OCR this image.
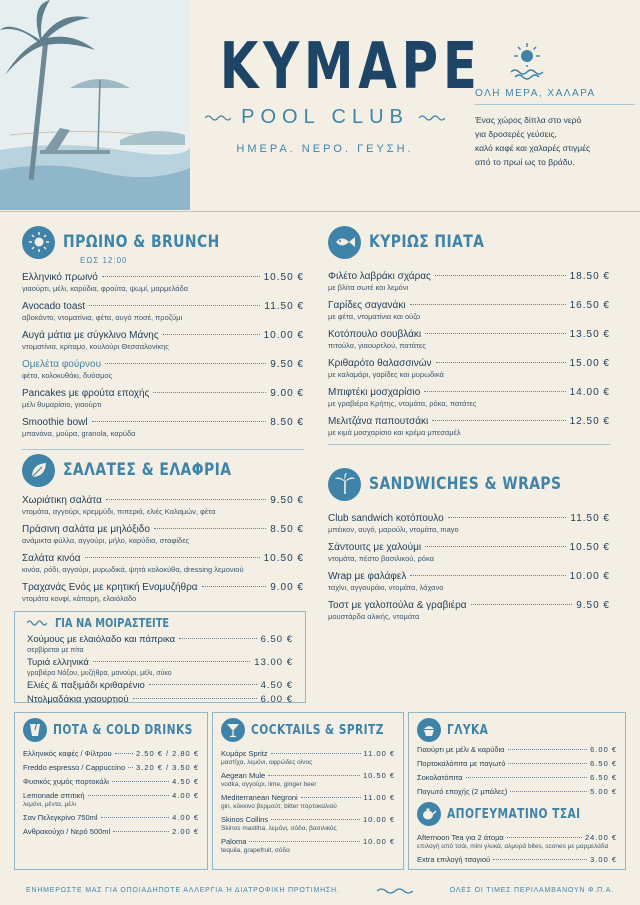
KYMAPE
POOL CLUB
ΗΜΕΡΑ. ΝΕΡΟ. ΓΕΥΣΗ.
ΟΛΗ ΜΕΡΑ, ΧΑΛΑΡΑ
Ένας χώρος δίπλα στο νερό
για δροσερές γεύσεις,
καλό καφέ και χαλαρές στιγμές
από το πρωί ως το βράδυ.
ΠΡΩΙΝΟ & BRUNCH
ΕΩΣ 12:00
Ελληνικό πρωινό	10.50 €
γιαούρτι, μέλι, καρύδια, φρούτα, ψωμί, μαρμελάδα
Avocado toast	11.50 €
αβοκάντο, ντοματίνια, φέτα, αυγό ποσέ, προζύμι
Αυγά μάτια με σύγκλινο Μάνης	10.00 €
ντοματίνια, κρίταμο, κουλούρι Θεσσαλονίκης
Ομελέτα φούρνου	9.50 €
φέτα, κολοκυθάκι, δυόσμος
Pancakes με φρούτα εποχής	9.00 €
μέλι θυμαρίσιο, γιαούρτι
Smoothie bowl	8.50 €
μπανάνα, μούρα, granola, καρύδα
ΣΑΛΑΤΕΣ & ΕΛΑΦΡΙΑ
Χωριάτικη σαλάτα	9.50 €
ντομάτα, αγγούρι, κρεμμύδι, πιπεριά, ελιές Καλαμών, φέτα
Πράσινη σαλάτα με μηλόξιδο	8.50 €
ανάμικτα φύλλα, αγγούρι, μήλο, καρύδια, σταφίδες
Σαλάτα κινόα	10.50 €
κινόα, ρόδι, αγγούρι, μυρωδικά, ψητά κολοκύθα, dressing λεμονιού
Τραχανάς Ενός με κρητική Ενομυζήθρα	9.00 €
ντομάτα κονφί, κάπαρη, ελαιόλαδο
ΓΙΑ ΝΑ ΜΟΙΡΑΣΤΕΙΤΕ
Χούμους με ελαιόλαδο και πάπρικα	6.50 €
σερβίρεται με πίτα
Τυριά ελληνικά	13.00 €
γραβιέρα Νάξου, μυζήθρα, μανούρι, μέλι, σύκο
Ελιές & παξιμάδι κριθαρένιο	4.50 €
Ντολμαδάκια γιαουρτιού	6.00 €
ΚΥΡΙΩΣ ΠΙΑΤΑ
Φιλέτο λαβράκι σχάρας	18.50 €
με βλίτα σωτέ και λεμόνι
Γαρίδες σαγανάκι	16.50 €
με φέτα, ντοματίνια και ούζο
Κοτόπουλο σουβλάκι	13.50 €
πιτούλα, γιαουρτλού, πατάτες
Κριθαρότο θαλασσινών	15.00 €
με καλαμάρι, γαρίδες και μυρωδικά
Μπιφτέκι μοσχαρίσιο	14.00 €
με γραβιέρα Κρήτης, ντομάτα, ρόκα, πατάτες
Μελιτζάνα παπουτσάκι	12.50 €
με κιμά μοσχαρίσιο και κρέμα μπεσαμέλ
SANDWICHES & WRAPS
Club sandwich κοτόπουλο	11.50 €
μπέικον, αυγό, μαρούλι, ντομάτα, mayo
Σάντουιτς με χαλούμι	10.50 €
ντομάτα, πέστο βασιλικού, ρόκα
Wrap με φαλάφελ	10.00 €
ταχίνι, αγγουράκι, ντομάτα, λάχανο
Τοστ με γαλοπούλα & γραβιέρα	9.50 €
μουστάρδα αλικής, ντομάτα
ΠΟΤΑ & COLD DRINKS
Ελληνικός καφές / Φίλτρου	2.50 € / 2.80 €
Freddo espresso / Cappuccino 3.20 € / 3.50 €
Φυσικός χυμός πορτοκάλι	4.50 €
Lemonade σπιτική	4.00 €
λεμόνι, μέντα, μέλι
Σαν Πελεγκρίνο 750ml	4.00 €
Ανθρακούχο / Νερό 500ml	2.00 €
COCKTAILS & SPRITZ
Κυμάρε Spritz	11.00 €
μαστίχα, λεμόνι, αφρώδες οίνος
Aegean Mule	10.50 €
vodka, αγγούρι, lime, ginger beer
Mediterranean Negroni	11.00 €
gin, κόκκινο βερμούτ, bitter πορτοκαλιού
Skinos Collins	10.00 €
Skinos mastiha, λεμόνι, σόδα, βασιλικός
Paloma	10.00 €
tequila, grapefruit, σόδα
ΓΛΥΚΑ
Γιαούρτι με μέλι & καρύδια	6.00 €
Πορτοκαλόπιτα με παγωτό	6.50 €
Σοκολατόπιτα	6.50 €
Παγωτό εποχής (2 μπάλες)	5.00 €
ΑΠΟΓΕΥΜΑΤΙΝΟ ΤΣΑΙ
Afternoon Tea για 2 άτομα	24.00 €
επιλογή από τσάι, mini γλυκά, αλμυρά bites, scones με μαρμελάδα
Extra επιλογή τσαγιού	3.00 €
ΕΝΗΜΕΡΩΣΤΕ ΜΑΣ ΓΙΑ ΟΠΟΙΑΔΗΠΟΤΕ ΑΛΛΕΡΓΙΑ Ή ΔΙΑΤΡΟΦΙΚΗ ΠΡΟΤΙΜΗΣΗ.	ΟΛΕΣ ΟΙ ΤΙΜΕΣ ΠΕΡΙΛΑΜΒΑΝΟΥΝ Φ.Π.Α.
